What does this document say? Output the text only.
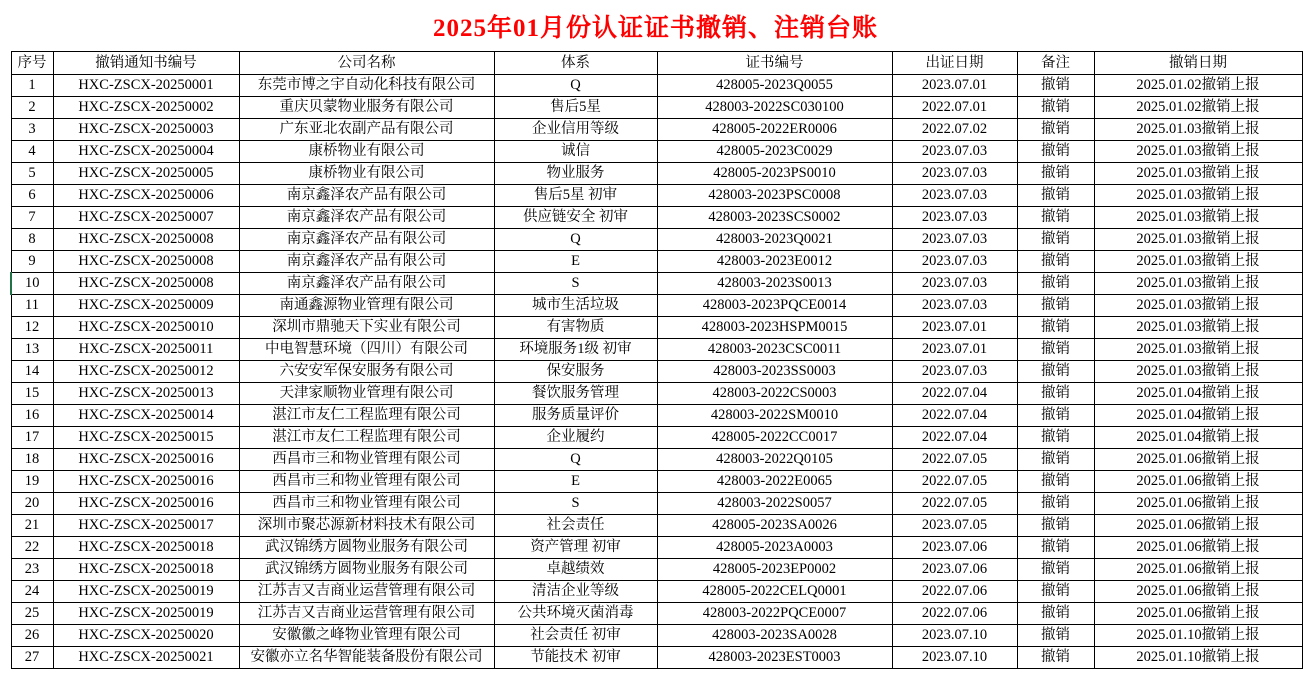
2025年01月份认证证书撤销、注销台账
序号	撤销通知书编号	公司名称	体系	证书编号	出证日期	备注	撤销日期
1	HXC-ZSCX-20250001	东莞市博之宇自动化科技有限公司	Q	428005-2023Q0055	2023.07.01	撤销	2025.01.02撤销上报
2	HXC-ZSCX-20250002	重庆贝蒙物业服务有限公司	售后5星	428003-2022SC030100	2022.07.01	撤销	2025.01.02撤销上报
3	HXC-ZSCX-20250003	广东亚北农副产品有限公司	企业信用等级	428005-2022ER0006	2022.07.02	撤销	2025.01.03撤销上报
4	HXC-ZSCX-20250004	康桥物业有限公司	诚信	428005-2023C0029	2023.07.03	撤销	2025.01.03撤销上报
5	HXC-ZSCX-20250005	康桥物业有限公司	物业服务	428005-2023PS0010	2023.07.03	撤销	2025.01.03撤销上报
6	HXC-ZSCX-20250006	南京鑫泽农产品有限公司	售后5星 初审	428003-2023PSC0008	2023.07.03	撤销	2025.01.03撤销上报
7	HXC-ZSCX-20250007	南京鑫泽农产品有限公司	供应链安全 初审	428003-2023SCS0002	2023.07.03	撤销	2025.01.03撤销上报
8	HXC-ZSCX-20250008	南京鑫泽农产品有限公司	Q	428003-2023Q0021	2023.07.03	撤销	2025.01.03撤销上报
9	HXC-ZSCX-20250008	南京鑫泽农产品有限公司	E	428003-2023E0012	2023.07.03	撤销	2025.01.03撤销上报
10	HXC-ZSCX-20250008	南京鑫泽农产品有限公司	S	428003-2023S0013	2023.07.03	撤销	2025.01.03撤销上报
11	HXC-ZSCX-20250009	南通鑫源物业管理有限公司	城市生活垃圾	428003-2023PQCE0014	2023.07.03	撤销	2025.01.03撤销上报
12	HXC-ZSCX-20250010	深圳市鼎驰天下实业有限公司	有害物质	428003-2023HSPM0015	2023.07.01	撤销	2025.01.03撤销上报
13	HXC-ZSCX-20250011	中电智慧环境（四川）有限公司	环境服务1级 初审	428003-2023CSC0011	2023.07.01	撤销	2025.01.03撤销上报
14	HXC-ZSCX-20250012	六安安军保安服务有限公司	保安服务	428003-2023SS0003	2023.07.03	撤销	2025.01.03撤销上报
15	HXC-ZSCX-20250013	天津家顺物业管理有限公司	餐饮服务管理	428003-2022CS0003	2022.07.04	撤销	2025.01.04撤销上报
16	HXC-ZSCX-20250014	湛江市友仁工程监理有限公司	服务质量评价	428003-2022SM0010	2022.07.04	撤销	2025.01.04撤销上报
17	HXC-ZSCX-20250015	湛江市友仁工程监理有限公司	企业履约	428005-2022CC0017	2022.07.04	撤销	2025.01.04撤销上报
18	HXC-ZSCX-20250016	西昌市三和物业管理有限公司	Q	428003-2022Q0105	2022.07.05	撤销	2025.01.06撤销上报
19	HXC-ZSCX-20250016	西昌市三和物业管理有限公司	E	428003-2022E0065	2022.07.05	撤销	2025.01.06撤销上报
20	HXC-ZSCX-20250016	西昌市三和物业管理有限公司	S	428003-2022S0057	2022.07.05	撤销	2025.01.06撤销上报
21	HXC-ZSCX-20250017	深圳市聚芯源新材料技术有限公司	社会责任	428005-2023SA0026	2023.07.05	撤销	2025.01.06撤销上报
22	HXC-ZSCX-20250018	武汉锦绣方圆物业服务有限公司	资产管理 初审	428005-2023A0003	2023.07.06	撤销	2025.01.06撤销上报
23	HXC-ZSCX-20250018	武汉锦绣方圆物业服务有限公司	卓越绩效	428005-2023EP0002	2023.07.06	撤销	2025.01.06撤销上报
24	HXC-ZSCX-20250019	江苏吉又吉商业运营管理有限公司	清洁企业等级	428005-2022CELQ0001	2022.07.06	撤销	2025.01.06撤销上报
25	HXC-ZSCX-20250019	江苏吉又吉商业运营管理有限公司	公共环境灭菌消毒	428003-2022PQCE0007	2022.07.06	撤销	2025.01.06撤销上报
26	HXC-ZSCX-20250020	安徽徽之峰物业管理有限公司	社会责任 初审	428003-2023SA0028	2023.07.10	撤销	2025.01.10撤销上报
27	HXC-ZSCX-20250021	安徽亦立名华智能装备股份有限公司	节能技术 初审	428003-2023EST0003	2023.07.10	撤销	2025.01.10撤销上报
